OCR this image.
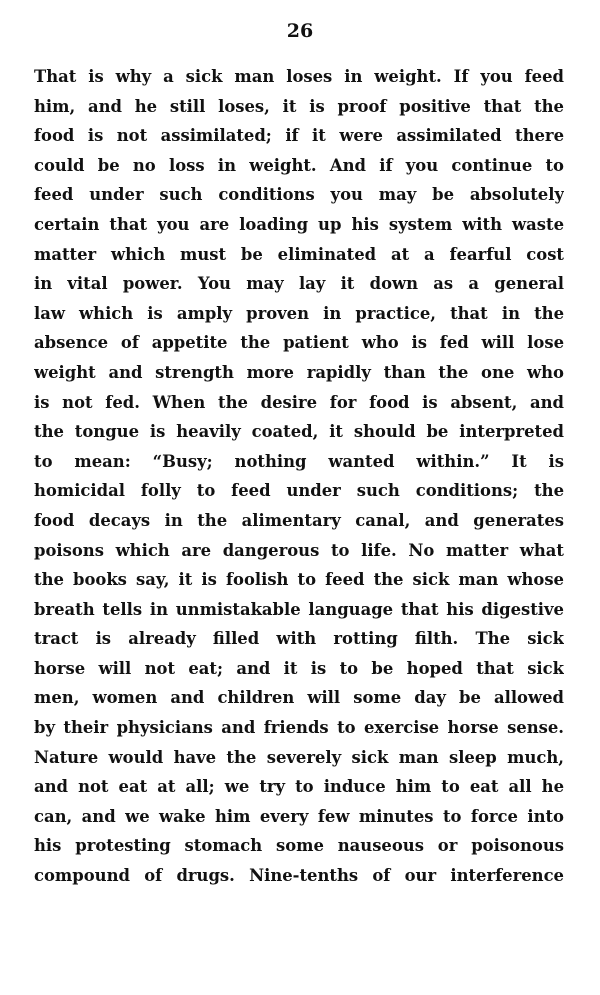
26
That is why a sick man loses in weight. If you feed
him, and he still loses, it is proof positive that the
food is not assimilated; if it were assimilated there
could be no loss in weight. And if you continue to
feed under such conditions you may be absolutely
certain that you are loading up his system with waste
matter which must be eliminated at a fearful cost
in vital power. You may lay it down as a general
law which is amply proven in practice, that in the
absence of appetite the patient who is fed will lose
weight and strength more rapidly than the one who
is not fed. When the desire for food is absent, and
the tongue is heavily coated, it should be interpreted
to mean: “Busy; nothing wanted within.” It is
homicidal folly to feed under such conditions; the
food decays in the alimentary canal, and generates
poisons which are dangerous to life. No matter what
the books say, it is foolish to feed the sick man whose
breath tells in unmistakable language that his digestive
tract is already filled with rotting filth. The sick
horse will not eat; and it is to be hoped that sick
men, women and children will some day be allowed
by their physicians and friends to exercise horse sense.
Nature would have the severely sick man sleep much,
and not eat at all; we try to induce him to eat all he
can, and we wake him every few minutes to force into
his protesting stomach some nauseous or poisonous
compound of drugs. Nine-tenths of our interference
